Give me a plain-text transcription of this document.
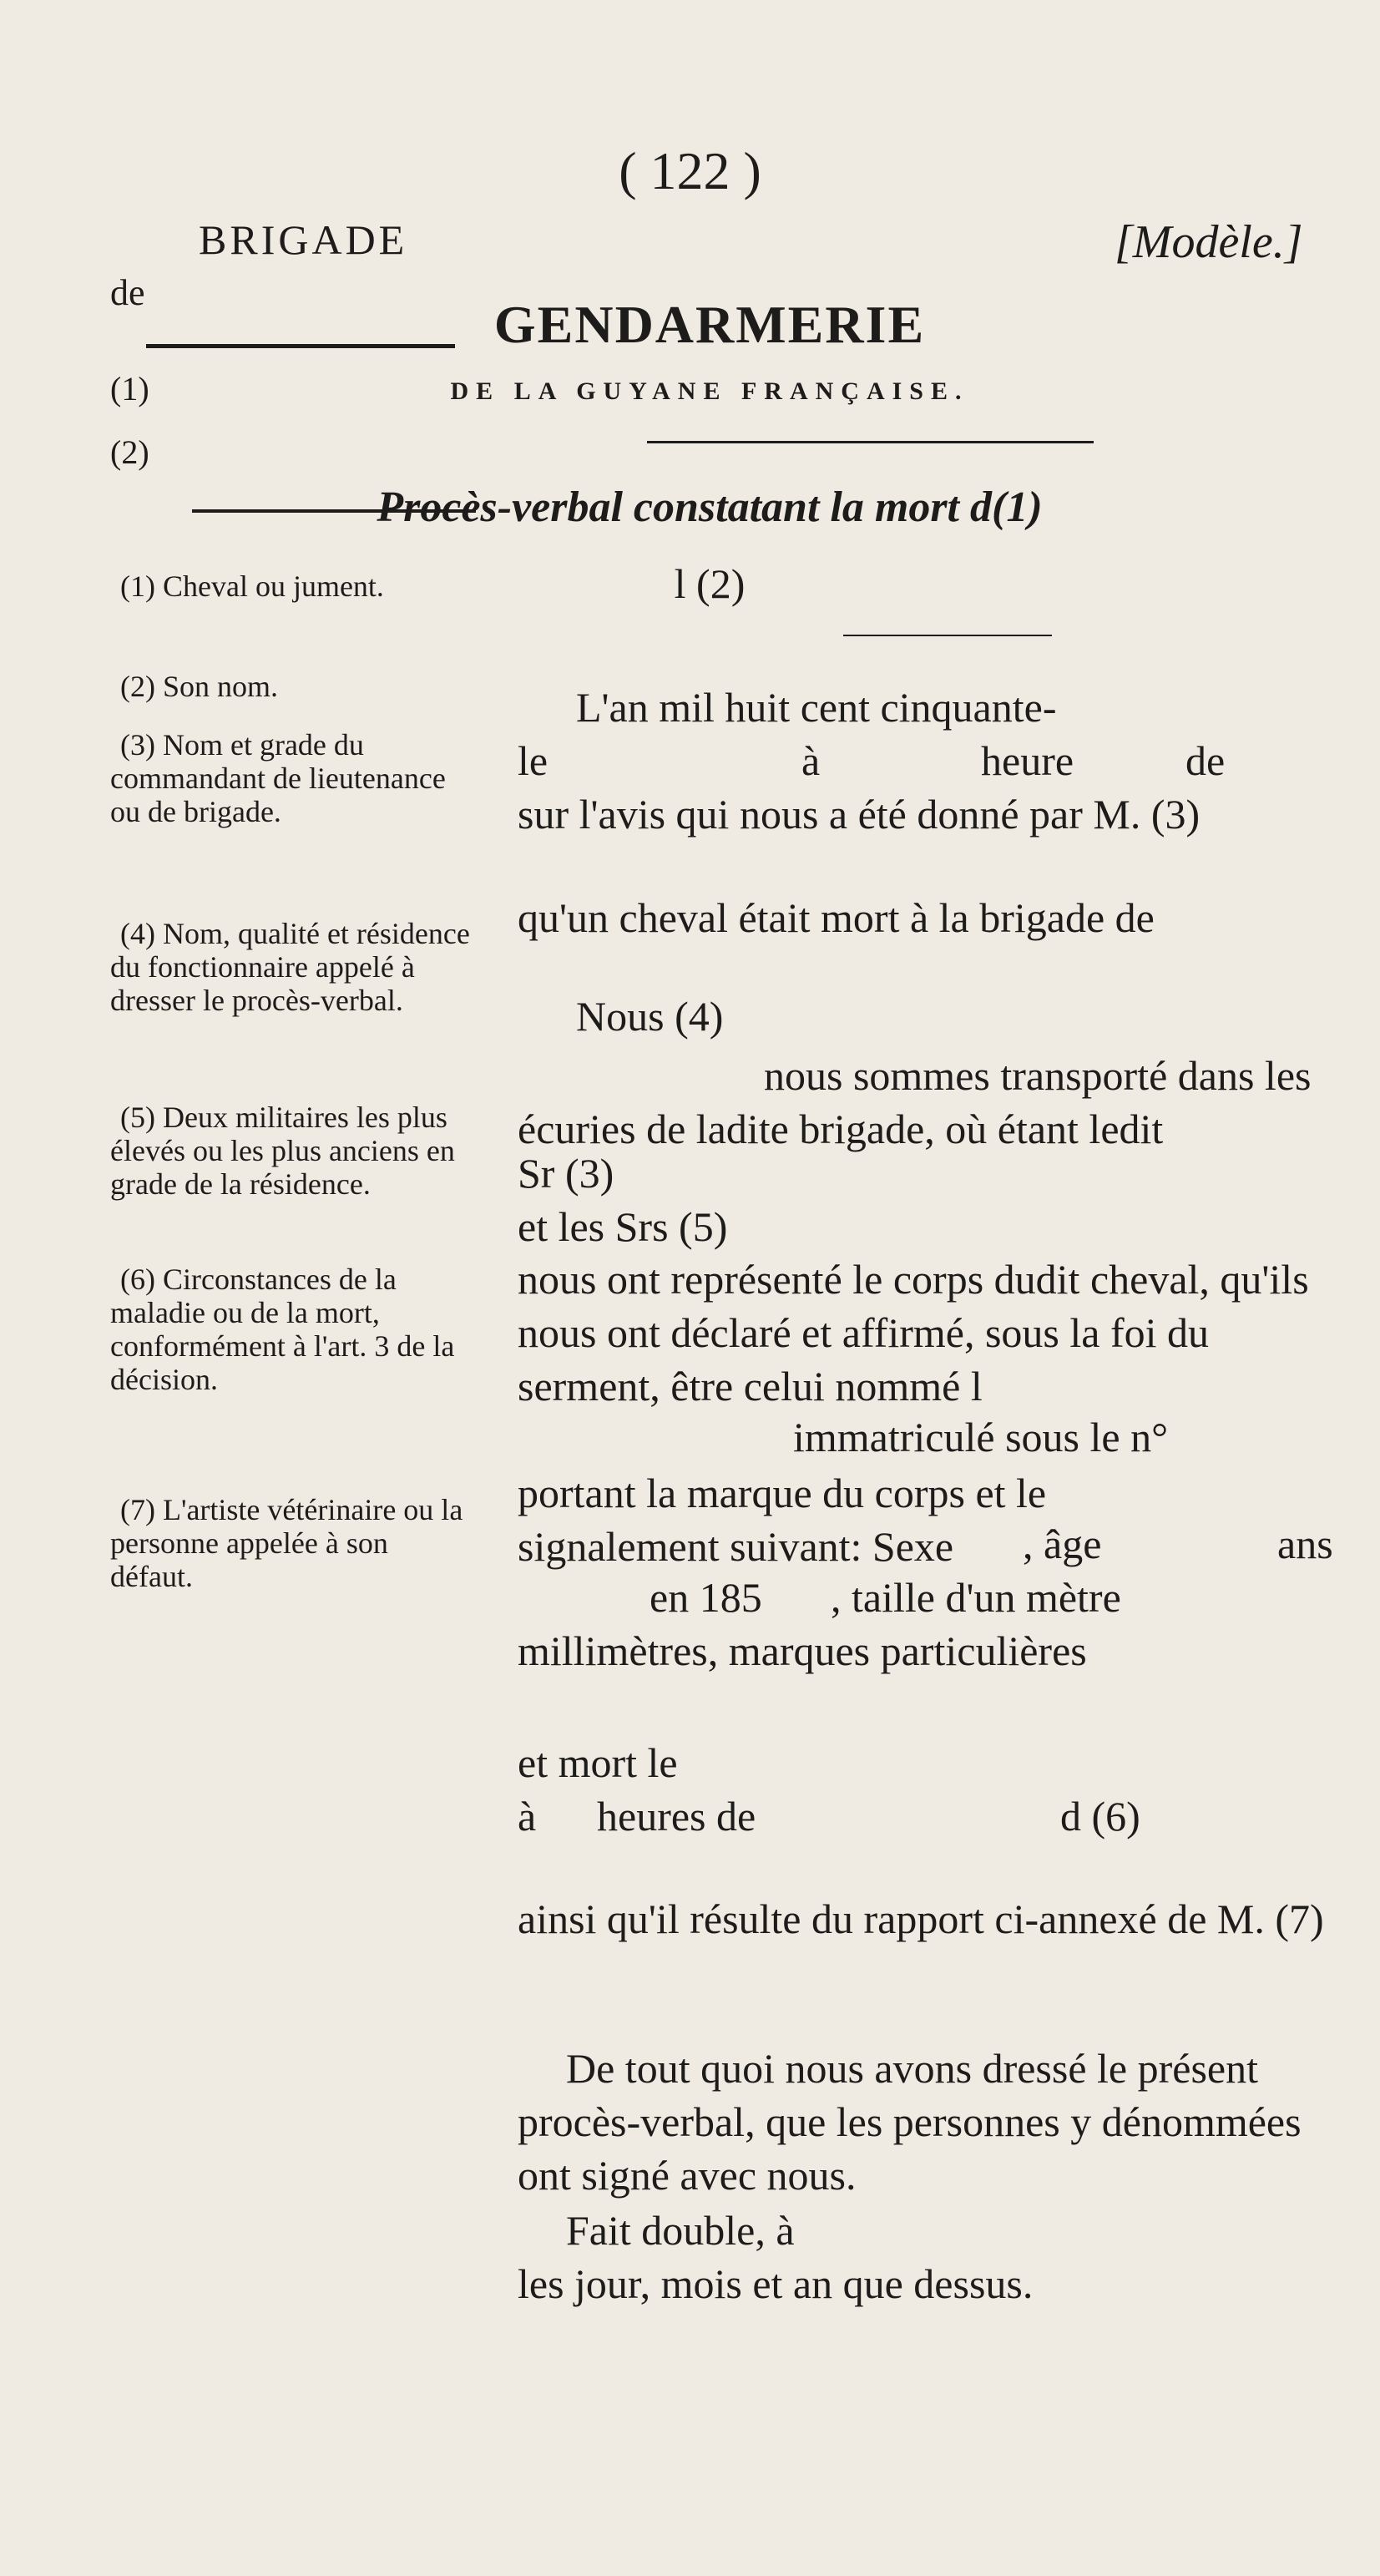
( 122 )
BRIGADE
de
(1)
(2)
[Modèle.]
GENDARMERIE
DE LA GUYANE FRANÇAISE.
Procès-verbal constatant la mort d(1)
l (2)
(1) Cheval ou jument.
(2) Son nom.
(3) Nom et grade du commandant de lieutenance ou de brigade.
(4) Nom, qualité et résidence du fonctionnaire appelé à dresser le procès-verbal.
(5) Deux militaires les plus élevés ou les plus anciens en grade de la résidence.
(6) Circonstances de la maladie ou de la mort, conformément à l'art. 3 de la décision.
(7) L'artiste vétérinaire ou la personne appelée à son défaut.
L'an mil huit cent cinquante-
le	à	heure	de
sur l'avis qui nous a été donné par M. (3)
qu'un cheval était mort à la brigade de
Nous (4)
nous sommes transporté dans les écuries de ladite brigade, où étant ledit
Sr (3)
et les Srs (5)
nous ont représenté le corps dudit cheval, qu'ils nous ont déclaré et affirmé, sous la foi du serment, être celui nommé l
immatriculé sous le n°
portant la marque du corps et le signalement suivant: Sexe	, âge	ans
en 185 , taille d'un mètre
millimètres, marques particulières
et mort le
à heures de	d (6)
ainsi qu'il résulte du rapport ci-annexé de M. (7)
De tout quoi nous avons dressé le présent procès-verbal, que les personnes y dénommées ont signé avec nous.
Fait double, à
les jour, mois et an que dessus.
